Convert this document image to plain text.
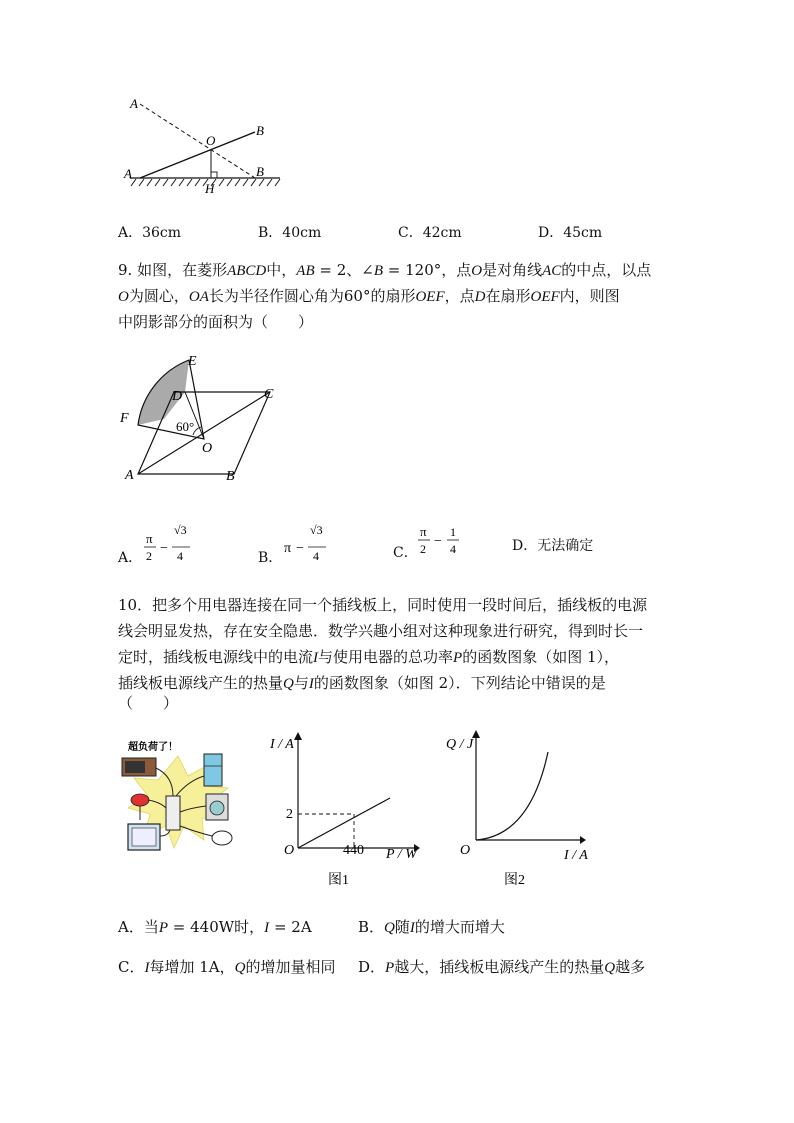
A
O
B
A	B
H
A．36cm	B．40cm	C．42cm	D．45cm
9. 如图，在菱形ABCD中，AB = 2、∠B = 120°，点O是对角线AC的中点，以点
O为圆心，OA长为半径作圆心角为60°的扇形OEF，点D在扇形OEF内，则图
中阴影部分的面积为（　　）
E
D	C
F
60°
O
A	B
A．
π/2 − √3/4
π
2 −
√3
4	B．
π − √3/4
π −
√3
4	C．
π/2 − 1/4
π
2 −
1
4	D．无法确定
10．把多个用电器连接在同一个插线板上，同时使用一段时间后，插线板的电源
线会明显发热，存在安全隐患．数学兴趣小组对这种现象进行研究，得到时长一
定时，插线板电源线中的电流I与使用电器的总功率P的函数图象（如图 1），
插线板电源线产生的热量Q与I的函数图象（如图 2）．下列结论中错误的是
（　　）
超负荷了！	I / A
P / W
O
2
440
图1
Q / J
I / A
O
图2
A．当P = 440W时，I = 2A	B．Q随I的增大而增大
C．I每增加 1A，Q的增加量相同 D．P越大，插线板电源线产生的热量Q越多
